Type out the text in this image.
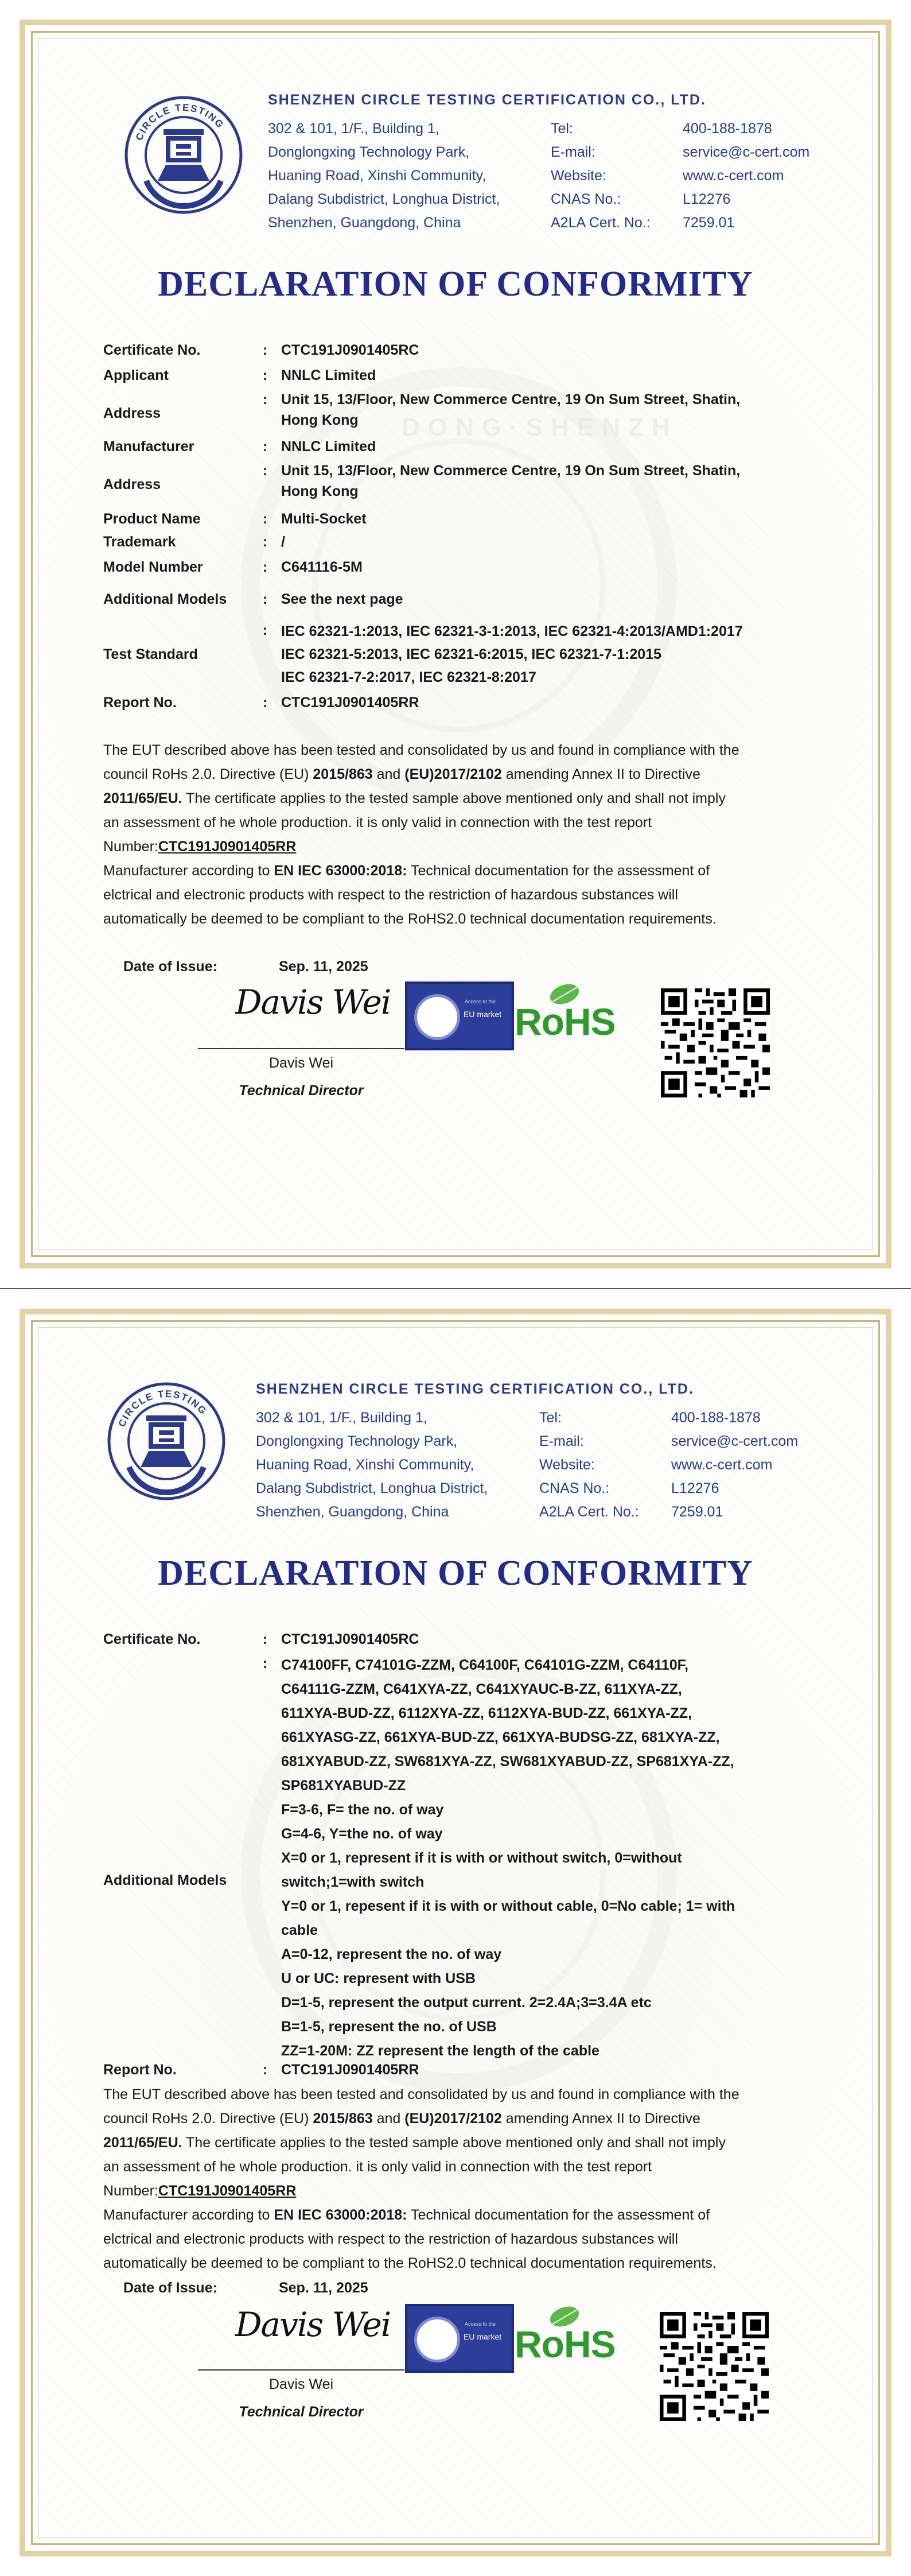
DONG·SHENZH
CIRCLE TESTING
SHENZHEN CIRCLE TESTING CERTIFICATION CO., LTD.
302 & 101, 1/F., Building 1,
Donglongxing Technology Park,
Huaning Road, Xinshi Community,
Dalang Subdistrict, Longhua District,
Shenzhen, Guangdong, China
Tel:	400-188-1878
E-mail:	service@c-cert.com
Website:	www.c-cert.com
CNAS No.:	L12276
A2LA Cert. No.:	7259.01
DECLARATION OF CONFORMITY
Certificate No.	: CTC191J0901405RC
Applicant	: NNLC Limited
Address
: Unit 15, 13/Floor, New Commerce Centre, 19 On Sum Street, Shatin,
Hong Kong
Manufacturer	: NNLC Limited
Address
: Unit 15, 13/Floor, New Commerce Centre, 19 On Sum Street, Shatin,
Hong Kong
Product Name	: Multi-Socket
Trademark	: /
Model Number	: C641116-5M
Additional Models	: See the next page
Test Standard
: IEC 62321-1:2013, IEC 62321-3-1:2013, IEC 62321-4:2013/AMD1:2017
IEC 62321-5:2013, IEC 62321-6:2015, IEC 62321-7-1:2015
IEC 62321-7-2:2017, IEC 62321-8:2017
Report No.	: CTC191J0901405RR
The EUT described above has been tested and consolidated by us and found in compliance with the
council RoHs 2.0. Directive (EU) 2015/863 and (EU)2017/2102 amending Annex II to Directive
2011/65/EU. The certificate applies to the tested sample above mentioned only and shall not imply
an assessment of he whole production. it is only valid in connection with the test report
Number:CTC191J0901405RR
Manufacturer according to EN IEC 63000:2018: Technical documentation for the assessment of
elctrical and electronic products with respect to the restriction of hazardous substances will
automatically be deemed to be compliant to the RoHS2.0 technical documentation requirements.
Date of Issue:	Sep. 11, 2025
Davis Wei
Davis Wei
Technical Director
Access to the
EU market RoHS
CIRCLE TESTING
SHENZHEN CIRCLE TESTING CERTIFICATION CO., LTD.
302 & 101, 1/F., Building 1,
Donglongxing Technology Park,
Huaning Road, Xinshi Community,
Dalang Subdistrict, Longhua District,
Shenzhen, Guangdong, China
Tel:	400-188-1878
E-mail:	service@c-cert.com
Website:	www.c-cert.com
CNAS No.:	L12276
A2LA Cert. No.:	7259.01
DECLARATION OF CONFORMITY
Certificate No.	: CTC191J0901405RC
Additional Models
: C74100FF, C74101G-ZZM, C64100F, C64101G-ZZM, C64110F,
C64111G-ZZM, C641XYA-ZZ, C641XYAUC-B-ZZ, 611XYA-ZZ,
611XYA-BUD-ZZ, 6112XYA-ZZ, 6112XYA-BUD-ZZ, 661XYA-ZZ,
661XYASG-ZZ, 661XYA-BUD-ZZ, 661XYA-BUDSG-ZZ, 681XYA-ZZ,
681XYABUD-ZZ, SW681XYA-ZZ, SW681XYABUD-ZZ, SP681XYA-ZZ,
SP681XYABUD-ZZ
F=3-6, F= the no. of way
G=4-6, Y=the no. of way
X=0 or 1, represent if it is with or without switch, 0=without
switch;1=with switch
Y=0 or 1, repesent if it is with or without cable, 0=No cable; 1= with
cable
A=0-12, represent the no. of way
U or UC: represent with USB
D=1-5, represent the output current. 2=2.4A;3=3.4A etc
B=1-5, represent the no. of USB
ZZ=1-20M: ZZ represent the length of the cable
Report No.	: CTC191J0901405RR
The EUT described above has been tested and consolidated by us and found in compliance with the
council RoHs 2.0. Directive (EU) 2015/863 and (EU)2017/2102 amending Annex II to Directive
2011/65/EU. The certificate applies to the tested sample above mentioned only and shall not imply
an assessment of he whole production. it is only valid in connection with the test report
Number:CTC191J0901405RR
Manufacturer according to EN IEC 63000:2018: Technical documentation for the assessment of
elctrical and electronic products with respect to the restriction of hazardous substances will
automatically be deemed to be compliant to the RoHS2.0 technical documentation requirements.
Date of Issue:	Sep. 11, 2025
Davis Wei
Davis Wei
Technical Director
Access to the
EU market RoHS
